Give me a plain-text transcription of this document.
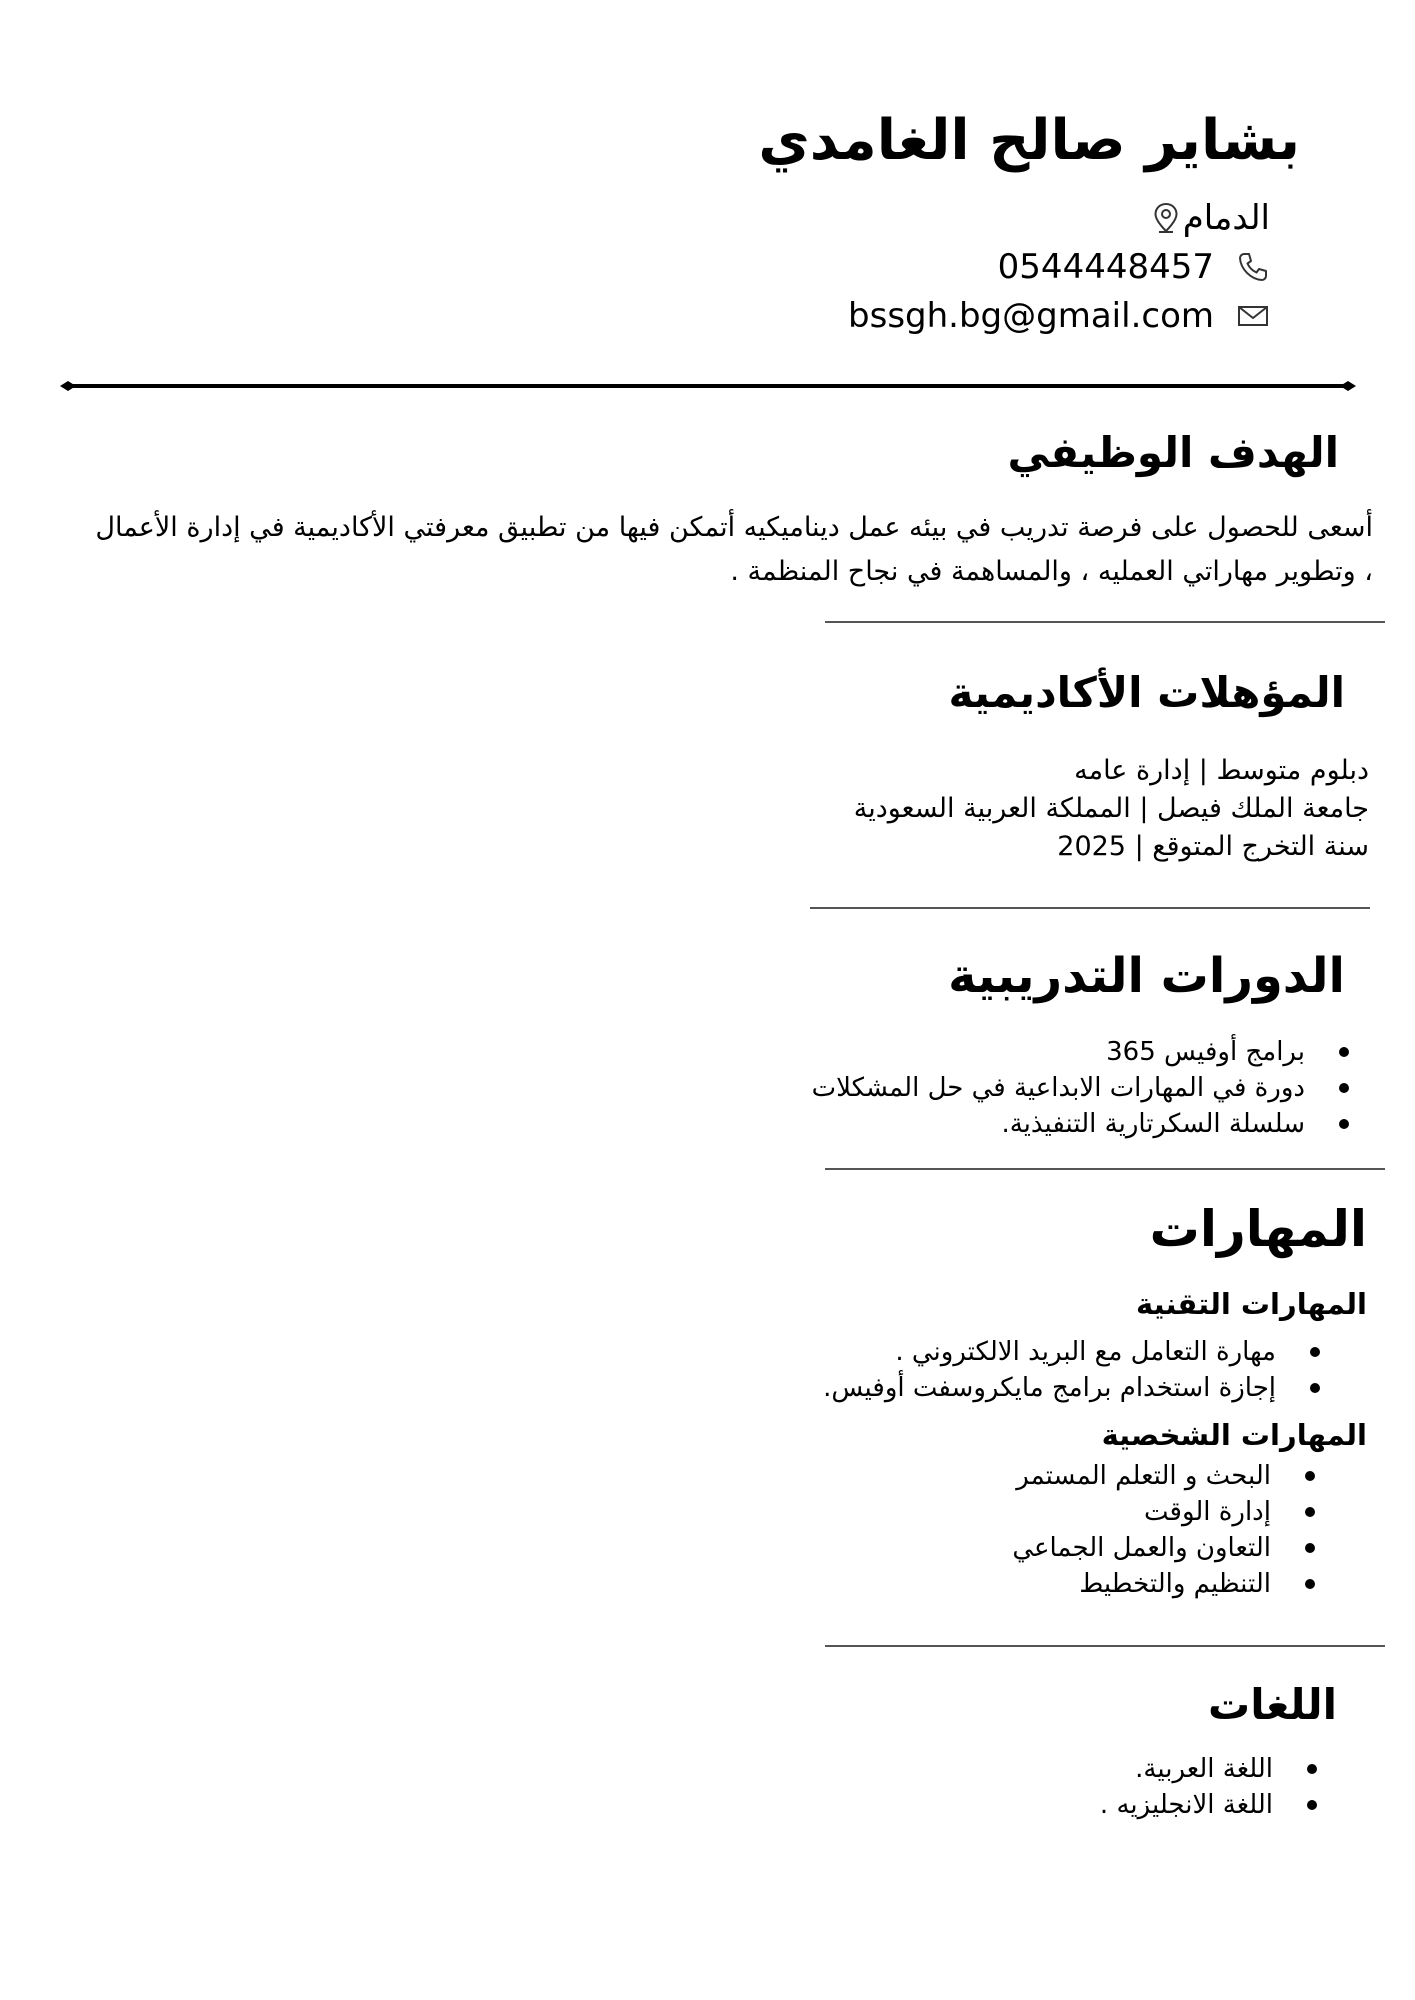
بشاير صالح الغامدي
الدمام
0544448457
bssgh.bg@gmail.com
الهدف الوظيفي
أسعى للحصول على فرصة تدريب في بيئه عمل ديناميكيه أتمكن فيها من تطبيق معرفتي الأكاديمية في إدارة الأعمال ، وتطوير مهاراتي العمليه ، والمساهمة في نجاح المنظمة .
المؤهلات الأكاديمية
دبلوم متوسط | إدارة عامه
جامعة الملك فيصل | المملكة العربية السعودية
سنة التخرج المتوقع | 2025
الدورات التدريبية
برامج أوفيس 365
دورة في المهارات الابداعية في حل المشكلات
سلسلة السكرتارية التنفيذية.
المهارات
المهارات التقنية
مهارة التعامل مع البريد الالكتروني .
إجازة استخدام برامج مايكروسفت أوفيس.
المهارات الشخصية
البحث و التعلم المستمر
إدارة الوقت
التعاون والعمل الجماعي
التنظيم والتخطيط
اللغات
اللغة العربية.
اللغة الانجليزيه .
